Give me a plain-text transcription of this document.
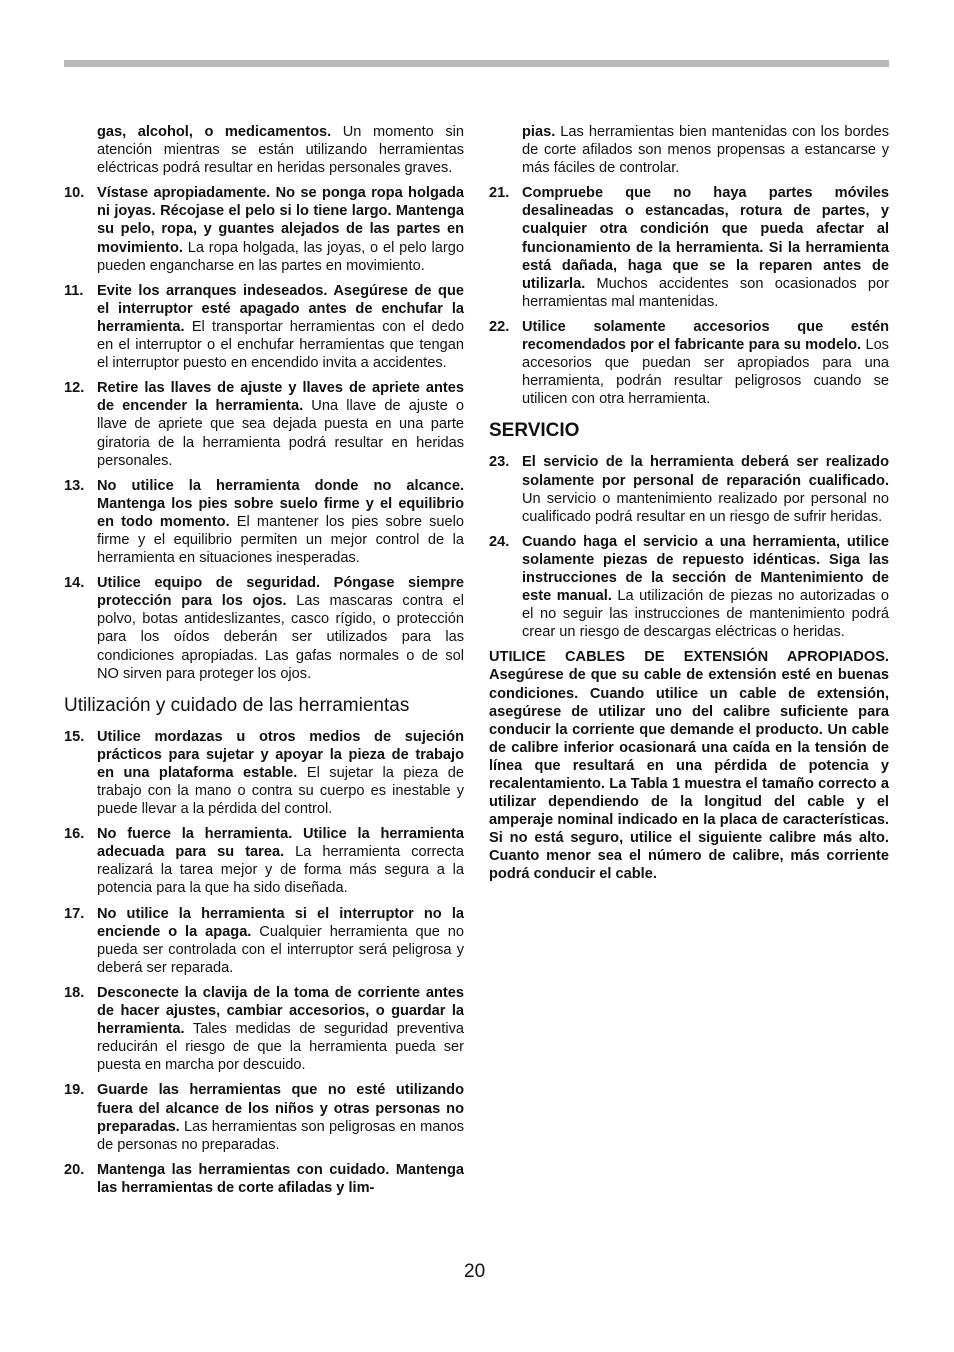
gas, alcohol, o medicamentos. Un momento sin atención mientras se están utilizando herramientas eléctricas podrá resultar en heridas personales graves.

10. Vístase apropiadamente. No se ponga ropa holgada ni joyas. Récojase el pelo si lo tiene largo. Mantenga su pelo, ropa, y guantes alejados de las partes en movimiento. La ropa holgada, las joyas, o el pelo largo pueden engancharse en las partes en movimiento.

11. Evite los arranques indeseados. Asegúrese de que el interruptor esté apagado antes de enchufar la herramienta. El transportar herramientas con el dedo en el interruptor o el enchufar herramientas que tengan el interruptor puesto en encendido invita a accidentes.

12. Retire las llaves de ajuste y llaves de apriete antes de encender la herramienta. Una llave de ajuste o llave de apriete que sea dejada puesta en una parte giratoria de la herramienta podrá resultar en heridas personales.

13. No utilice la herramienta donde no alcance. Mantenga los pies sobre suelo firme y el equilibrio en todo momento. El mantener los pies sobre suelo firme y el equilibrio permiten un mejor control de la herramienta en situaciones inesperadas.

14. Utilice equipo de seguridad. Póngase siempre protección para los ojos. Las mascaras contra el polvo, botas antideslizantes, casco rígido, o protección para los oídos deberán ser utilizados para las condiciones apropiadas. Las gafas normales o de sol NO sirven para proteger los ojos.

Utilización y cuidado de las herramientas

15. Utilice mordazas u otros medios de sujeción prácticos para sujetar y apoyar la pieza de trabajo en una plataforma estable. El sujetar la pieza de trabajo con la mano o contra su cuerpo es inestable y puede llevar a la pérdida del control.

16. No fuerce la herramienta. Utilice la herramienta adecuada para su tarea. La herramienta correcta realizará la tarea mejor y de forma más segura a la potencia para la que ha sido diseñada.

17. No utilice la herramienta si el interruptor no la enciende o la apaga. Cualquier herramienta que no pueda ser controlada con el interruptor será peligrosa y deberá ser reparada.

18. Desconecte la clavija de la toma de corriente antes de hacer ajustes, cambiar accesorios, o guardar la herramienta. Tales medidas de seguridad preventiva reducirán el riesgo de que la herramienta pueda ser puesta en marcha por descuido.

19. Guarde las herramientas que no esté utilizando fuera del alcance de los niños y otras personas no preparadas. Las herramientas son peligrosas en manos de personas no preparadas.

20. Mantenga las herramientas con cuidado. Mantenga las herramientas de corte afiladas y lim-

pias. Las herramientas bien mantenidas con los bordes de corte afilados son menos propensas a estancarse y más fáciles de controlar.

21. Compruebe que no haya partes móviles desalineadas o estancadas, rotura de partes, y cualquier otra condición que pueda afectar al funcionamiento de la herramienta. Si la herramienta está dañada, haga que se la reparen antes de utilizarla. Muchos accidentes son ocasionados por herramientas mal mantenidas.

22. Utilice solamente accesorios que estén recomendados por el fabricante para su modelo. Los accesorios que puedan ser apropiados para una herramienta, podrán resultar peligrosos cuando se utilicen con otra herramienta.

SERVICIO

23. El servicio de la herramienta deberá ser realizado solamente por personal de reparación cualificado. Un servicio o mantenimiento realizado por personal no cualificado podrá resultar en un riesgo de sufrir heridas.

24. Cuando haga el servicio a una herramienta, utilice solamente piezas de repuesto idénticas. Siga las instrucciones de la sección de Mantenimiento de este manual. La utilización de piezas no autorizadas o el no seguir las instrucciones de mantenimiento podrá crear un riesgo de descargas eléctricas o heridas.

UTILICE CABLES DE EXTENSIÓN APROPIADOS. Asegúrese de que su cable de extensión esté en buenas condiciones. Cuando utilice un cable de extensión, asegúrese de utilizar uno del calibre suficiente para conducir la corriente que demande el producto. Un cable de calibre inferior ocasionará una caída en la tensión de línea que resultará en una pérdida de potencia y recalentamiento. La Tabla 1 muestra el tamaño correcto a utilizar dependiendo de la longitud del cable y el amperaje nominal indicado en la placa de características. Si no está seguro, utilice el siguiente calibre más alto. Cuanto menor sea el número de calibre, más corriente podrá conducir el cable.

20
